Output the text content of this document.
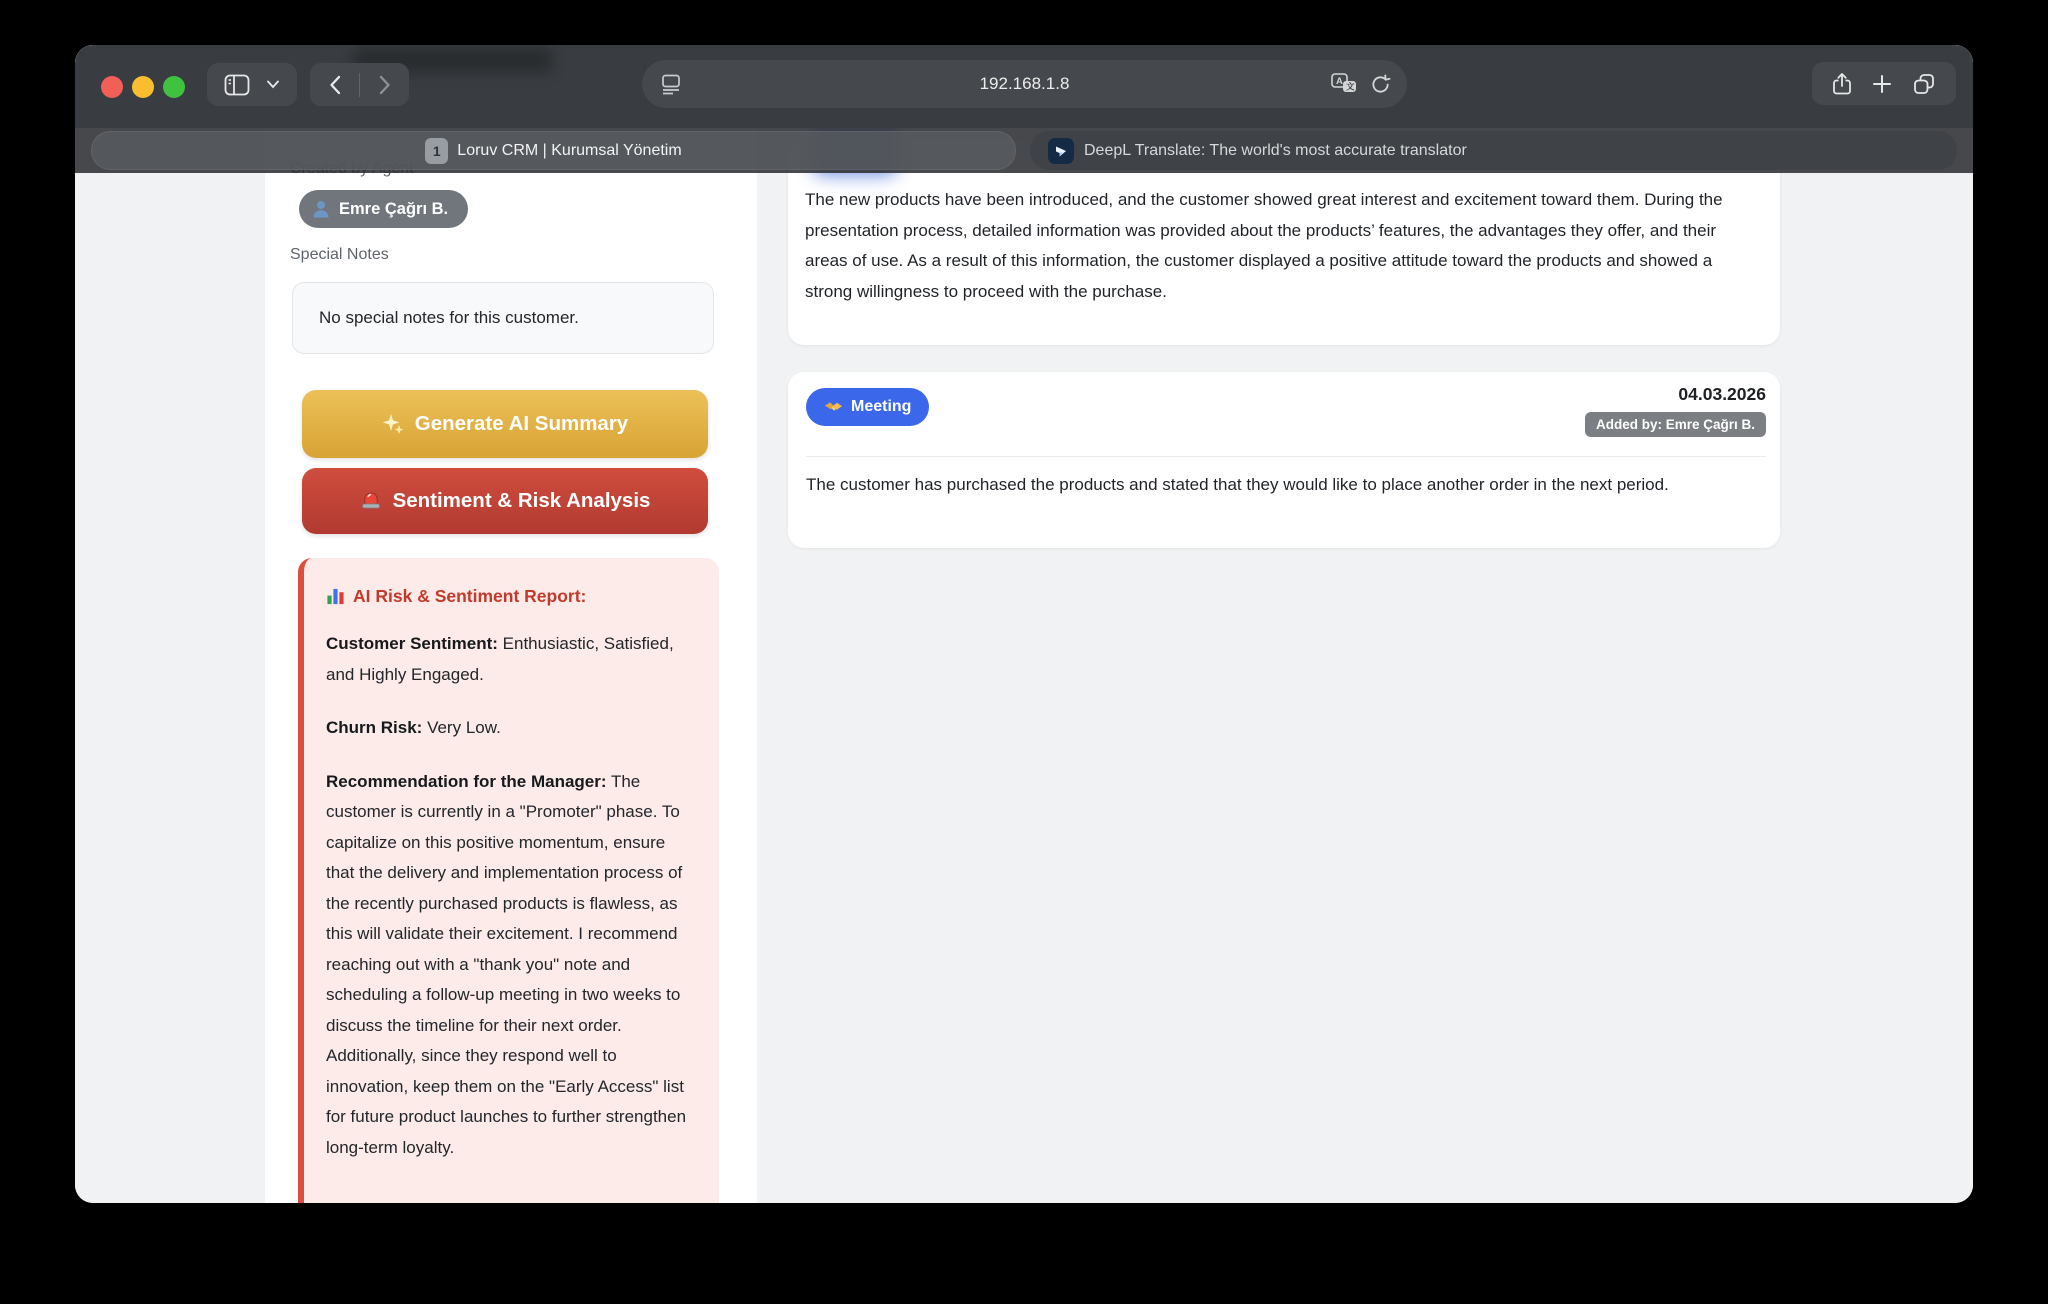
Emre Çağrı B.
Special Notes
No special notes for this customer.
Generate AI Summary
Sentiment & Risk Analysis
AI Risk & Sentiment Report:

Customer Sentiment: Enthusiastic, Satisfied, and Highly Engaged.

Churn Risk: Very Low.

Recommendation for the Manager: The customer is currently in a "Promoter" phase. To capitalize on this positive momentum, ensure that the delivery and implementation process of the recently purchased products is flawless, as this will validate their excitement. I recommend reaching out with a "thank you" note and scheduling a follow-up meeting in two weeks to discuss the timeline for their next order. Additionally, since they respond well to innovation, keep them on the "Early Access" list for future product launches to further strengthen long-term loyalty.

The new products have been introduced, and the customer showed great interest and excitement toward them. During the presentation process, detailed information was provided about the products’ features, the advantages they offer, and their areas of use. As a result of this information, the customer displayed a positive attitude toward the products and showed a strong willingness to proceed with the purchase.

Meeting
04.03.2026
Added by: Emre Çağrı B.

The customer has purchased the products and stated that they would like to place another order in the next period.

192.168.1.8	A 文
1	Loruv CRM | Kurumsal Yönetim	DeepL Translate: The world's most accurate translator
